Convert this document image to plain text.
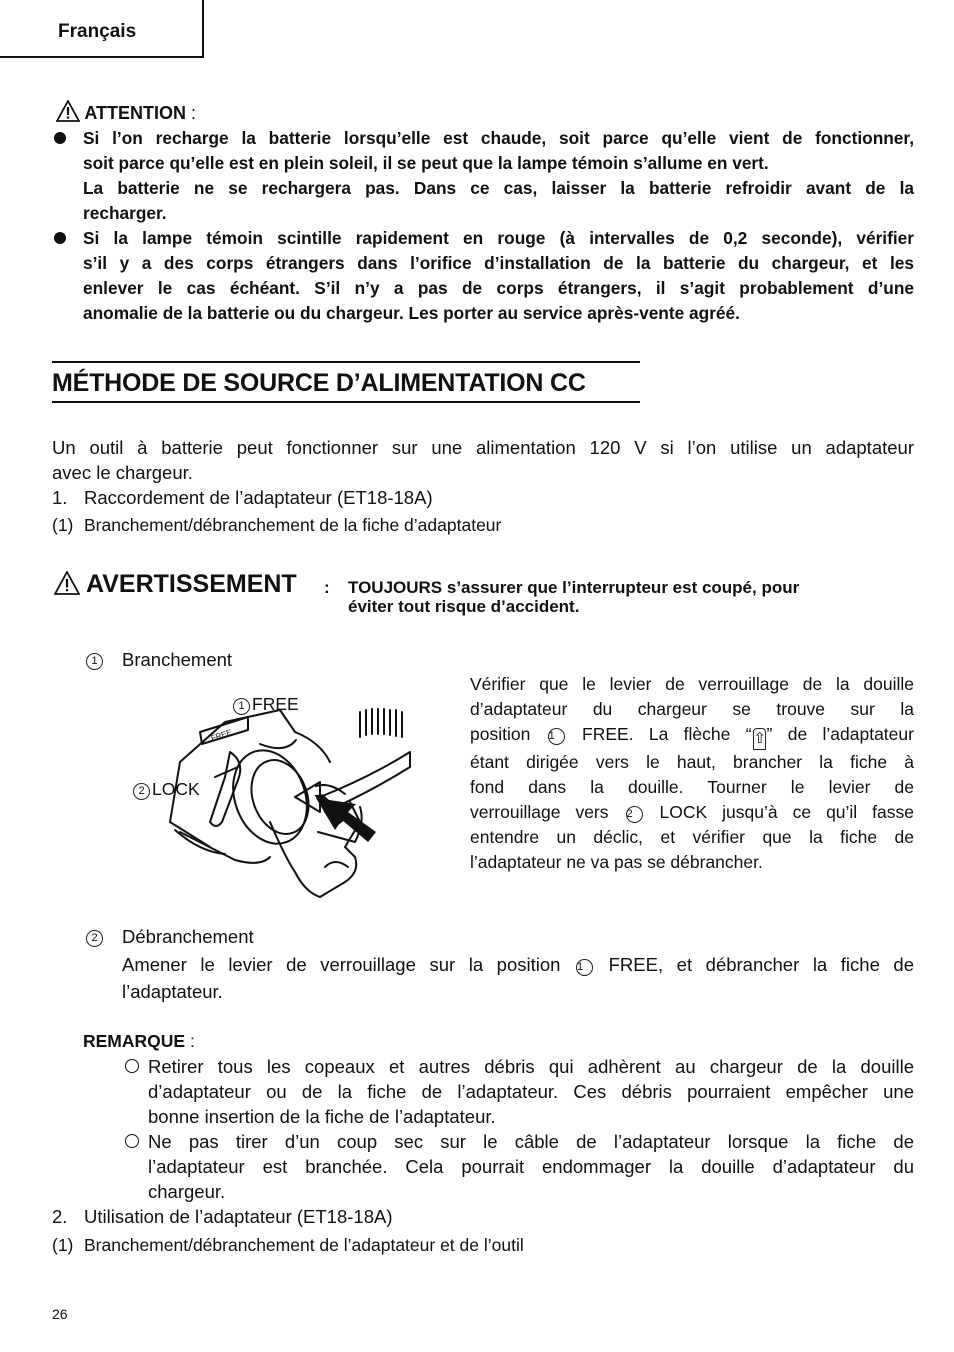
Français
ATTENTION :
Si l’on recharge la batterie lorsqu’elle est chaude, soit parce qu’elle vient de fonctionner,
soit parce qu’elle est en plein soleil, il se peut que la lampe témoin s’allume en vert.
La batterie ne se rechargera pas. Dans ce cas, laisser la batterie refroidir avant de la
recharger.
Si la lampe témoin scintille rapidement en rouge (à intervalles de 0,2 seconde), vérifier
s’il y a des corps étrangers dans l’orifice d’installation de la batterie du chargeur, et les
enlever le cas échéant. S’il n’y a pas de corps étrangers, il s’agit probablement d’une
anomalie de la batterie ou du chargeur. Les porter au service après-vente agréé.
MÉTHODE DE SOURCE D’ALIMENTATION CC
Un outil à batterie peut fonctionner sur une alimentation 120 V si l’on utilise un adaptateur
avec le chargeur.
1. Raccordement de l’adaptateur (ET18-18A)
(1) Branchement/débranchement de la fiche d’adaptateur
AVERTISSEMENT : TOUJOURS s’assurer que l’interrupteur est coupé, pour
éviter tout risque d’accident.
1	Branchement
FREE
1 FREE
2 LOCK
Vérifier que le levier de verrouillage de la douille
d’adaptateur du chargeur se trouve sur la
position 1 FREE. La flèche “ ⇧” de l’adaptateur
étant dirigée vers le haut, brancher la fiche à
fond dans la douille. Tourner le levier de
verrouillage vers 2 LOCK jusqu’à ce qu’il fasse
entendre un déclic, et vérifier que la fiche de
l’adaptateur ne va pas se débrancher.
2	Débranchement
Amener le levier de verrouillage sur la position 1 FREE, et débrancher la fiche de
l’adaptateur.
REMARQUE :
Retirer tous les copeaux et autres débris qui adhèrent au chargeur de la douille
d’adaptateur ou de la fiche de l’adaptateur. Ces débris pourraient empêcher une
bonne insertion de la fiche de l’adaptateur.
Ne pas tirer d’un coup sec sur le câble de l’adaptateur lorsque la fiche de
l’adaptateur est branchée. Cela pourrait endommager la douille d’adaptateur du
chargeur.
2. Utilisation de l’adaptateur (ET18-18A)
(1) Branchement/débranchement de l’adaptateur et de l’outil
26
